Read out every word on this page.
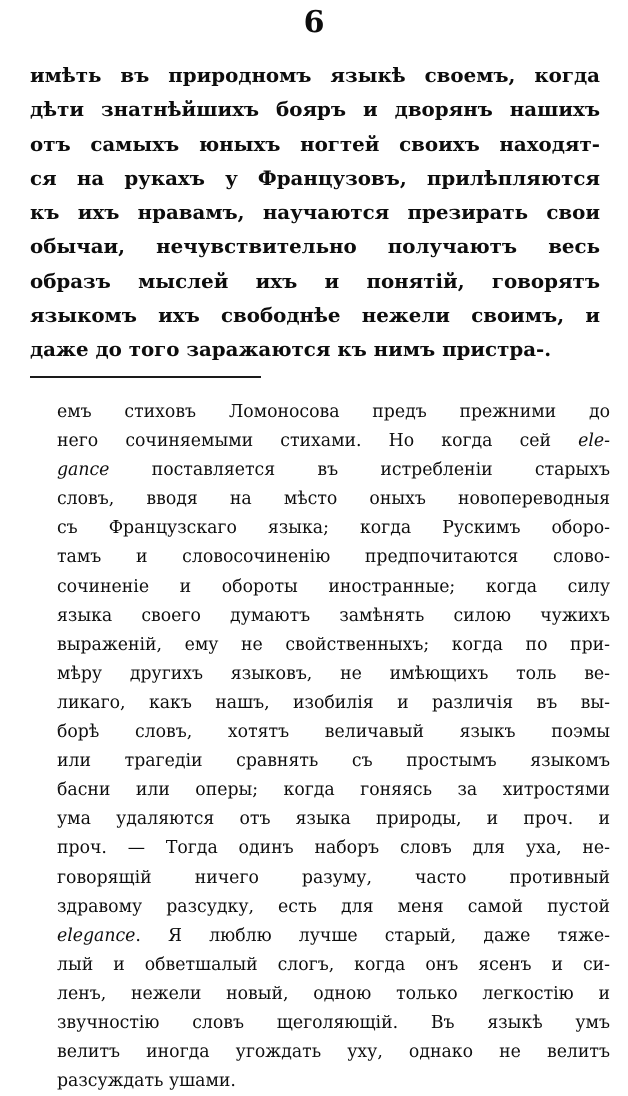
6
имѣть въ природномъ языкѣ своемъ, когда
дѣти знатнѣйшихъ бояръ и дворянъ нашихъ
отъ самыхъ юныхъ ногтей своихъ находят-
ся на рукахъ у Французовъ, прилѣпляются
къ ихъ нравамъ, научаются презирать свои
обычаи, нечувствительно получаютъ весь
образъ мыслей ихъ и понятій, говорятъ
языкомъ ихъ свободнѣе нежели своимъ, и
даже до того заражаются къ нимъ пристра-.
емъ стиховъ Ломоносова предъ прежними до
него сочиняемыми стихами. Но когда сей ele-
gance поставляется въ истребленіи старыхъ
словъ, вводя на мѣсто оныхъ новопереводныя
съ Французскаго языка; когда Рускимъ оборо-
тамъ и словосочиненію предпочитаются слово-
сочиненіе и обороты иностранные; когда силу
языка своего думаютъ замѣнять силою чужихъ
выраженій, ему не свойственныхъ; когда по при-
мѣру другихъ языковъ, не имѣющихъ толь ве-
ликаго, какъ нашъ, изобилія и различія въ вы-
борѣ словъ, хотятъ величавый языкъ поэмы
или трагедіи сравнять съ простымъ языкомъ
басни или оперы; когда гоняясь за хитростями
ума удаляются отъ языка природы, и проч. и
проч. — Тогда одинъ наборъ словъ для уха, не-
говорящій ничего разуму, часто противный
здравому разсудку, есть для меня самой пустой
elegance. Я люблю лучше старый, даже тяже-
лый и обветшалый слогъ, когда онъ ясенъ и си-
ленъ, нежели новый, одною только легкостію и
звучностію словъ щеголяющій. Въ языкѣ умъ
велитъ иногда угождать уху, однако не велитъ
разсуждать ушами.
